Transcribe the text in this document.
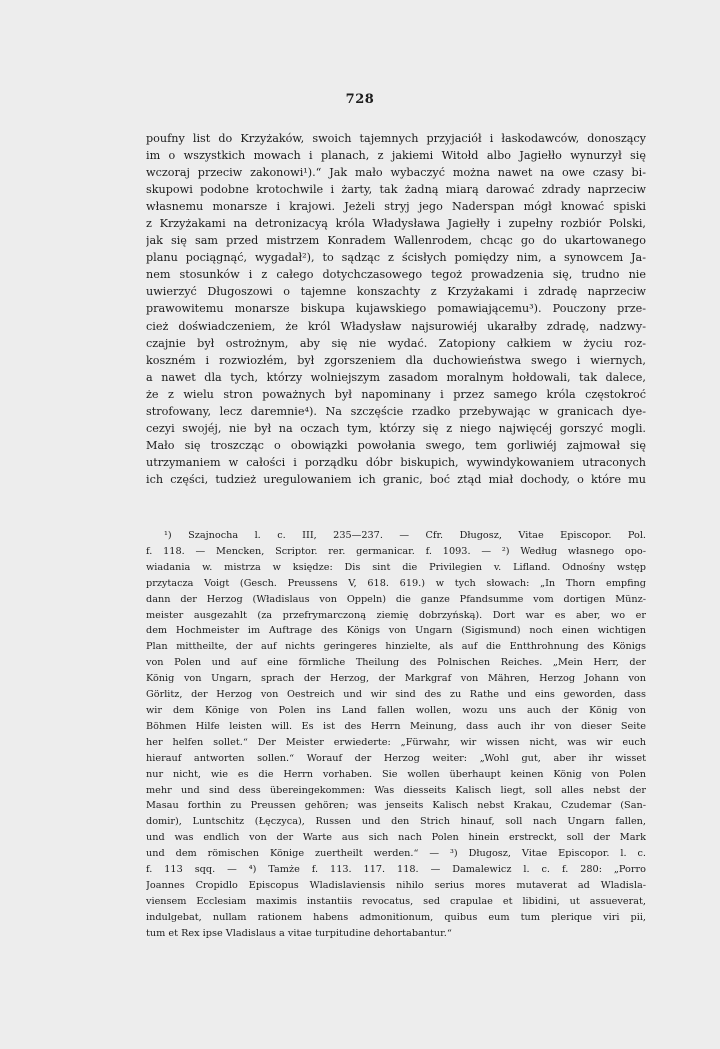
728
poufny list do Krzyżaków, swoich tajemnych przyjaciół i łaskodawców, donoszący
im o wszystkich mowach i planach, z jakiemi Witołd albo Jagiełło wynurzył się
wczoraj przeciw zakonowi¹).“ Jak mało wybaczyć można nawet na owe czasy bi-
skupowi podobne krotochwile i żarty, tak żadną miarą darować zdrady naprzeciw
własnemu monarsze i krajowi. Jeżeli stryj jego Naderspan mógł knować spiski
z Krzyżakami na detronizacyą króla Władysława Jagiełły i zupełny rozbiór Polski,
jak się sam przed mistrzem Konradem Wallenrodem, chcąc go do ukartowanego
planu pociągnąć, wygadał²), to sądząc z ścisłych pomiędzy nim, a synowcem Ja-
nem stosunków i z całego dotychczasowego tegoż prowadzenia się, trudno nie
uwierzyć Długoszowi o tajemne konszachty z Krzyżakami i zdradę naprzeciw
prawowitemu monarsze biskupa kujawskiego pomawiającemu³). Pouczony prze-
cież doświadczeniem, że król Władysław najsurowiéj ukarałby zdradę, nadzwy-
czajnie był ostrożnym, aby się nie wydać. Zatopiony całkiem w życiu roz-
koszném i rozwiozłém, był zgorszeniem dla duchowieństwa swego i wiernych,
a nawet dla tych, którzy wolniejszym zasadom moralnym hołdowali, tak dalece,
że z wielu stron poważnych był napominany i przez samego króla częstokroć
strofowany, lecz daremnie⁴). Na szczęście rzadko przebywając w granicach dye-
cezyi swojéj, nie był na oczach tym, którzy się z niego najwięcéj gorszyć mogli.
Mało się troszcząc o obowiązki powołania swego, tem gorliwiéj zajmował się
utrzymaniem w całości i porządku dóbr biskupich, wywindykowaniem utraconych
ich części, tudzież uregulowaniem ich granic, boć ztąd miał dochody, o które mu
¹) Szajnocha l. c. III, 235—237. — Cfr. Długosz, Vitae Episcopor. Pol.
f. 118. — Mencken, Scriptor. rer. germanicar. f. 1093. — ²) Według własnego opo-
wiadania w. mistrza w księdze: Dis sint die Privilegien v. Lifland. Odnośny wstęp
przytacza Voigt (Gesch. Preussens V, 618. 619.) w tych słowach: „In Thorn empfing
dann der Herzog (Władislaus von Oppeln) die ganze Pfandsumme vom dortigen Münz-
meister ausgezahlt (za przefrymarczoną ziemię dobrzyńską). Dort war es aber, wo er
dem Hochmeister im Auftrage des Königs von Ungarn (Sigismund) noch einen wichtigen
Plan mittheilte, der auf nichts geringeres hinzielte, als auf die Entthrohnung des Königs
von Polen und auf eine förmliche Theilung des Polnischen Reiches. „Mein Herr, der
König von Ungarn, sprach der Herzog, der Markgraf von Mähren, Herzog Johann von
Görlitz, der Herzog von Oestreich und wir sind des zu Rathe und eins geworden, dass
wir dem Könige von Polen ins Land fallen wollen, wozu uns auch der König von
Böhmen Hilfe leisten will. Es ist des Herrn Meinung, dass auch ihr von dieser Seite
her helfen sollet.“ Der Meister erwiederte: „Fürwahr, wir wissen nicht, was wir euch
hierauf antworten sollen.“ Worauf der Herzog weiter: „Wohl gut, aber ihr wisset
nur nicht, wie es die Herrn vorhaben. Sie wollen überhaupt keinen König von Polen
mehr und sind dess übereingekommen: Was diesseits Kalisch liegt, soll alles nebst der
Masau forthin zu Preussen gehören; was jenseits Kalisch nebst Krakau, Czudemar (San-
domir), Luntschitz (Łęczyca), Russen und den Strich hinauf, soll nach Ungarn fallen,
und was endlich von der Warte aus sich nach Polen hinein erstreckt, soll der Mark
und dem römischen Könige zuertheilt werden.“ — ³) Długosz, Vitae Episcopor. l. c.
f. 113 sqq. — ⁴) Tamże f. 113. 117. 118. — Damalewicz l. c. f. 280: „Porro
Joannes Cropidlo Episcopus Wladislaviensis nihilo serius mores mutaverat ad Wladisla-
viensem Ecclesiam maximis instantiis revocatus, sed crapulae et libidini, ut assueverat,
indulgebat, nullam rationem habens admonitionum, quibus eum tum plerique viri pii,
tum et Rex ipse Vladislaus a vitae turpitudine dehortabantur.“
